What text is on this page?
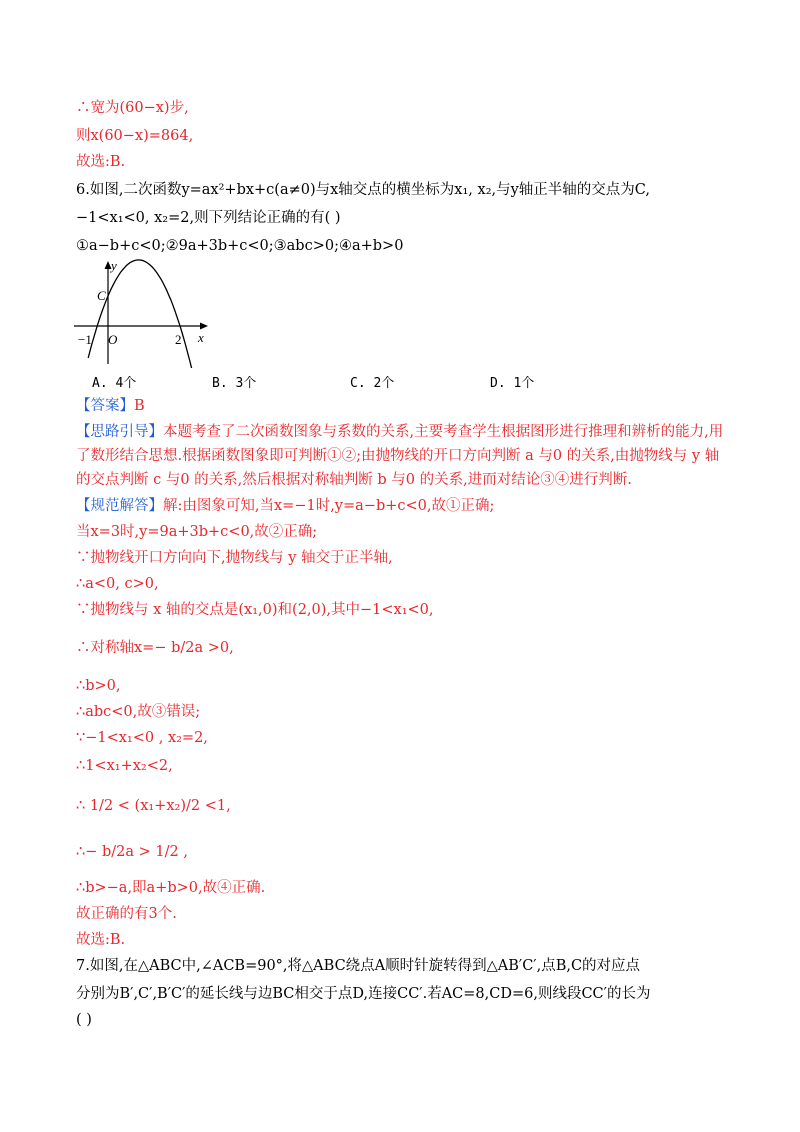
∴宽为(60−x)步,
则x(60−x)=864,
故选:B.
6.如图,二次函数y=ax²+bx+c(a≠0)与x轴交点的横坐标为x₁, x₂,与y轴正半轴的交点为C,
−1<x₁<0, x₂=2,则下列结论正确的有( )
①a−b+c<0;②9a+3b+c<0;③abc>0;④a+b>0
y
x
C
O
−1	2
A. 4个	B. 3个	C. 2个	D. 1个
【答案】B
【思路引导】本题考查了二次函数图象与系数的关系,主要考查学生根据图形进行推理和辨析的能力,用
了数形结合思想.根据函数图象即可判断①②;由抛物线的开口方向判断 a 与0 的关系,由抛物线与 y 轴
的交点判断 c 与0 的关系,然后根据对称轴判断 b 与0 的关系,进而对结论③④进行判断.
【规范解答】解:由图象可知,当x=−1时,y=a−b+c<0,故①正确;
当x=3时,y=9a+3b+c<0,故②正确;
∵抛物线开口方向向下,抛物线与 y 轴交于正半轴,
∴a<0, c>0,
∵抛物线与 x 轴的交点是(x₁,0)和(2,0),其中−1<x₁<0,
∴对称轴x=− b/2a >0,
∴b>0,
∴abc<0,故③错误;
∵−1<x₁<0 , x₂=2,
∴1<x₁+x₂<2,
∴ 1/2 < (x₁+x₂)/2 <1,
∴− b/2a > 1/2 ,
∴b>−a,即a+b>0,故④正确.
故正确的有3个.
故选:B.
7.如图,在△ABC中,∠ACB=90°,将△ABC绕点A顺时针旋转得到△AB′C′,点B,C的对应点
分别为B′,C′,B′C′的延长线与边BC相交于点D,连接CC′.若AC=8,CD=6,则线段CC′的长为
( )
